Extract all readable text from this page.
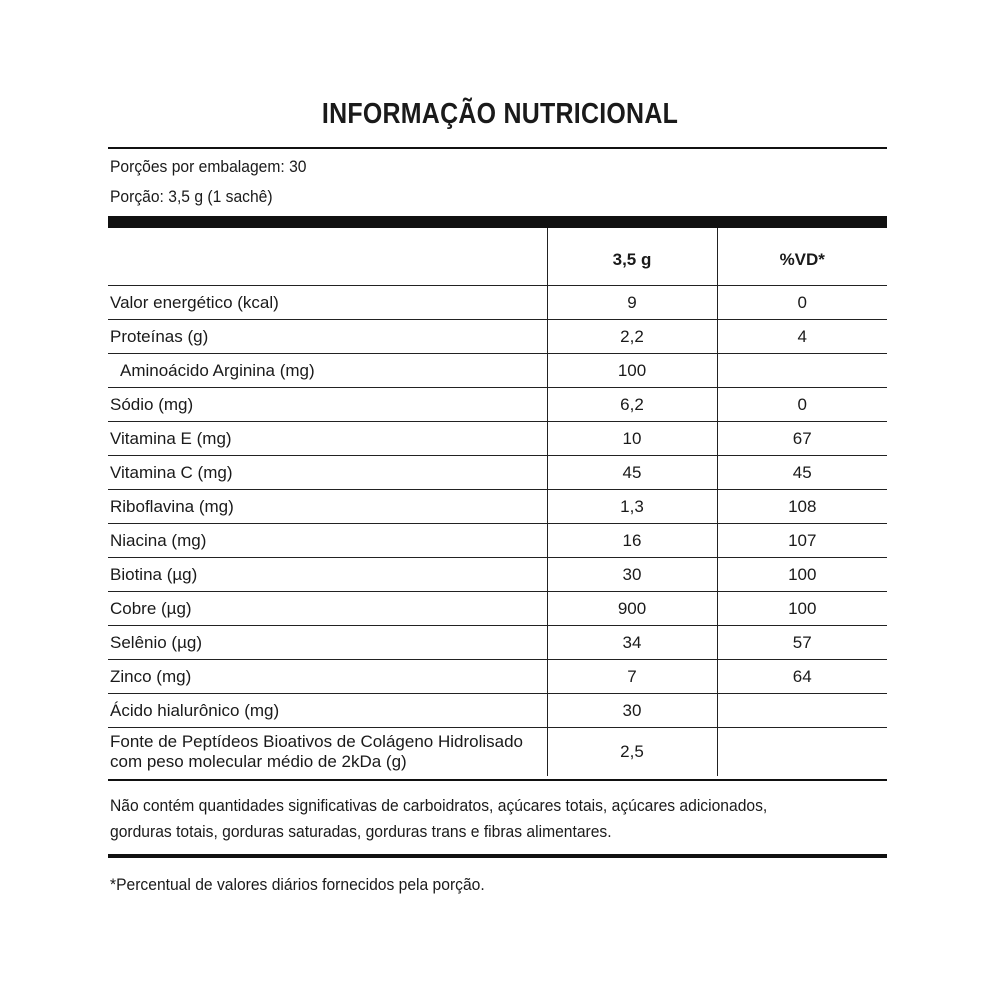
INFORMAÇÃO NUTRICIONAL
Porções por embalagem: 30
Porção: 3,5 g (1 sachê)
	3,5 g	%VD*
Valor energético (kcal)	9	0
Proteínas (g)	2,2	4
Aminoácido Arginina (mg)	100	
Sódio (mg)	6,2	0
Vitamina E (mg)	10	67
Vitamina C (mg)	45	45
Riboflavina (mg)	1,3	108
Niacina (mg)	16	107
Biotina (µg)	30	100
Cobre (µg)	900	100
Selênio (µg)	34	57
Zinco (mg)	7	64
Ácido hialurônico (mg)	30	
Fonte de Peptídeos Bioativos de Colágeno Hidrolisado com peso molecular médio de 2kDa (g)	2,5	
Não contém quantidades significativas de carboidratos, açúcares totais, açúcares adicionados,
gorduras totais, gorduras saturadas, gorduras trans e fibras alimentares.
*Percentual de valores diários fornecidos pela porção.
